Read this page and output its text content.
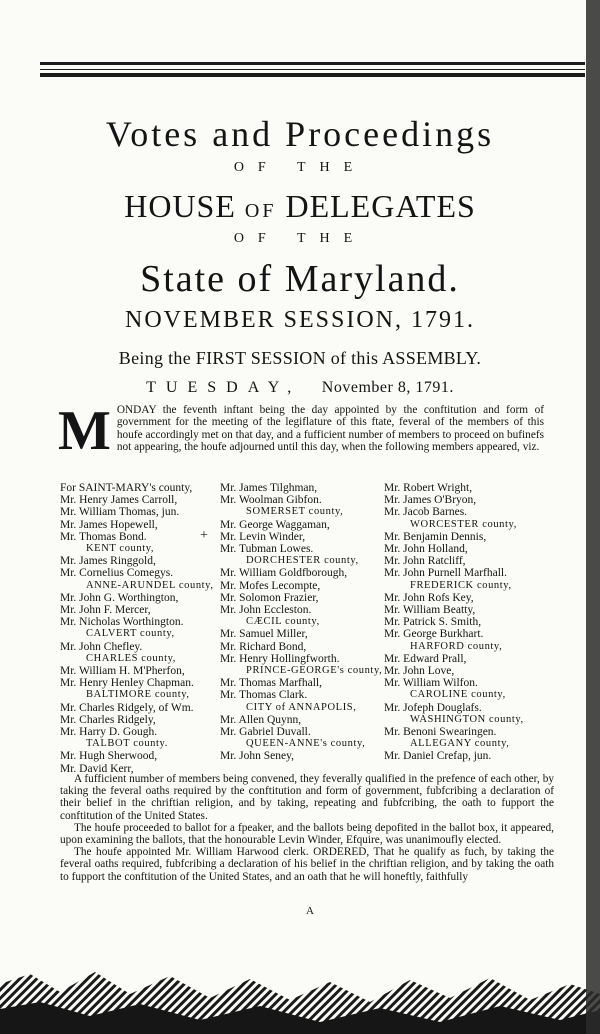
Votes and Proceedings
OF THE
HOUSE OF DELEGATES
OF THE
State of Maryland.
NOVEMBER SESSION, 1791.
Being the FIRST SESSION of this ASSEMBLY.
TUESDAY, November 8, 1791.
MONDAY the feventh inftant being the day appointed by the conftitution and form of government for the meeting of the legiflature of this ftate, feveral of the members of this houfe accordingly met on that day, and a fufficient number of members to proceed on bufinefs not appearing, the houfe adjourned until this day, when the following members appeared, viz.
For SAINT-MARY's county,
Mr. Henry James Carroll,
Mr. William Thomas, jun.
Mr. James Hopewell,
Mr. Thomas Bond.
KENT county,
Mr. James Ringgold,
Mr. Cornelius Comegys.
ANNE-ARUNDEL county,
Mr. John G. Worthington,
Mr. John F. Mercer,
Mr. Nicholas Worthington.
CALVERT county,
Mr. John Chefley.
CHARLES county,
Mr. William H. M'Pherfon,
Mr. Henry Henley Chapman.
BALTIMORE county,
Mr. Charles Ridgely, of Wm.
Mr. Charles Ridgely,
Mr. Harry D. Gough.
TALBOT county.
Mr. Hugh Sherwood,
Mr. David Kerr,
Mr. James Tilghman,
Mr. Woolman Gibfon.
SOMERSET county,
Mr. George Waggaman,
Mr. Levin Winder,
Mr. Tubman Lowes.
DORCHESTER county,
Mr. William Goldfborough,
Mr. Mofes Lecompte,
Mr. Solomon Frazier,
Mr. John Eccleston.
CÆCIL county,
Mr. Samuel Miller,
Mr. Richard Bond,
Mr. Henry Hollingfworth.
PRINCE-GEORGE's county,
Mr. Thomas Marfhall,
Mr. Thomas Clark.
CITY of ANNAPOLIS,
Mr. Allen Quynn,
Mr. Gabriel Duvall.
QUEEN-ANNE's county,
Mr. John Seney,
Mr. Robert Wright,
Mr. James O'Bryon,
Mr. Jacob Barnes.
WORCESTER county,
Mr. Benjamin Dennis,
Mr. John Holland,
Mr. John Ratcliff,
Mr. John Purnell Marfhall.
FREDERICK county,
Mr. John Rofs Key,
Mr. William Beatty,
Mr. Patrick S. Smith,
Mr. George Burkhart.
HARFORD county,
Mr. Edward Prall,
Mr. John Love,
Mr. William Wilfon.
CAROLINE county,
Mr. Jofeph Douglafs.
WASHINGTON county,
Mr. Benoni Swearingen.
ALLEGANY county,
Mr. Daniel Crefap, jun.
+

A fufficient number of members being convened, they feverally qualified in the prefence of each other, by taking the feveral oaths required by the conftitution and form of government, fubfcribing a declaration of their belief in the chriftian religion, and by taking, repeating and fubfcribing, the oath to fupport the conftitution of the United States.

The houfe proceeded to ballot for a fpeaker, and the ballots being depofited in the ballot box, it appeared, upon examining the ballots, that the honourable Levin Winder, Efquire, was unanimoufly elected.

The houfe appointed Mr. William Harwood clerk. ORDERED, That he qualify as fuch, by taking the feveral oaths required, fubfcribing a declaration of his belief in the chriftian religion, and by taking the oath to fupport the conftitution of the United States, and an oath that he will honeftly, faithfully

A
